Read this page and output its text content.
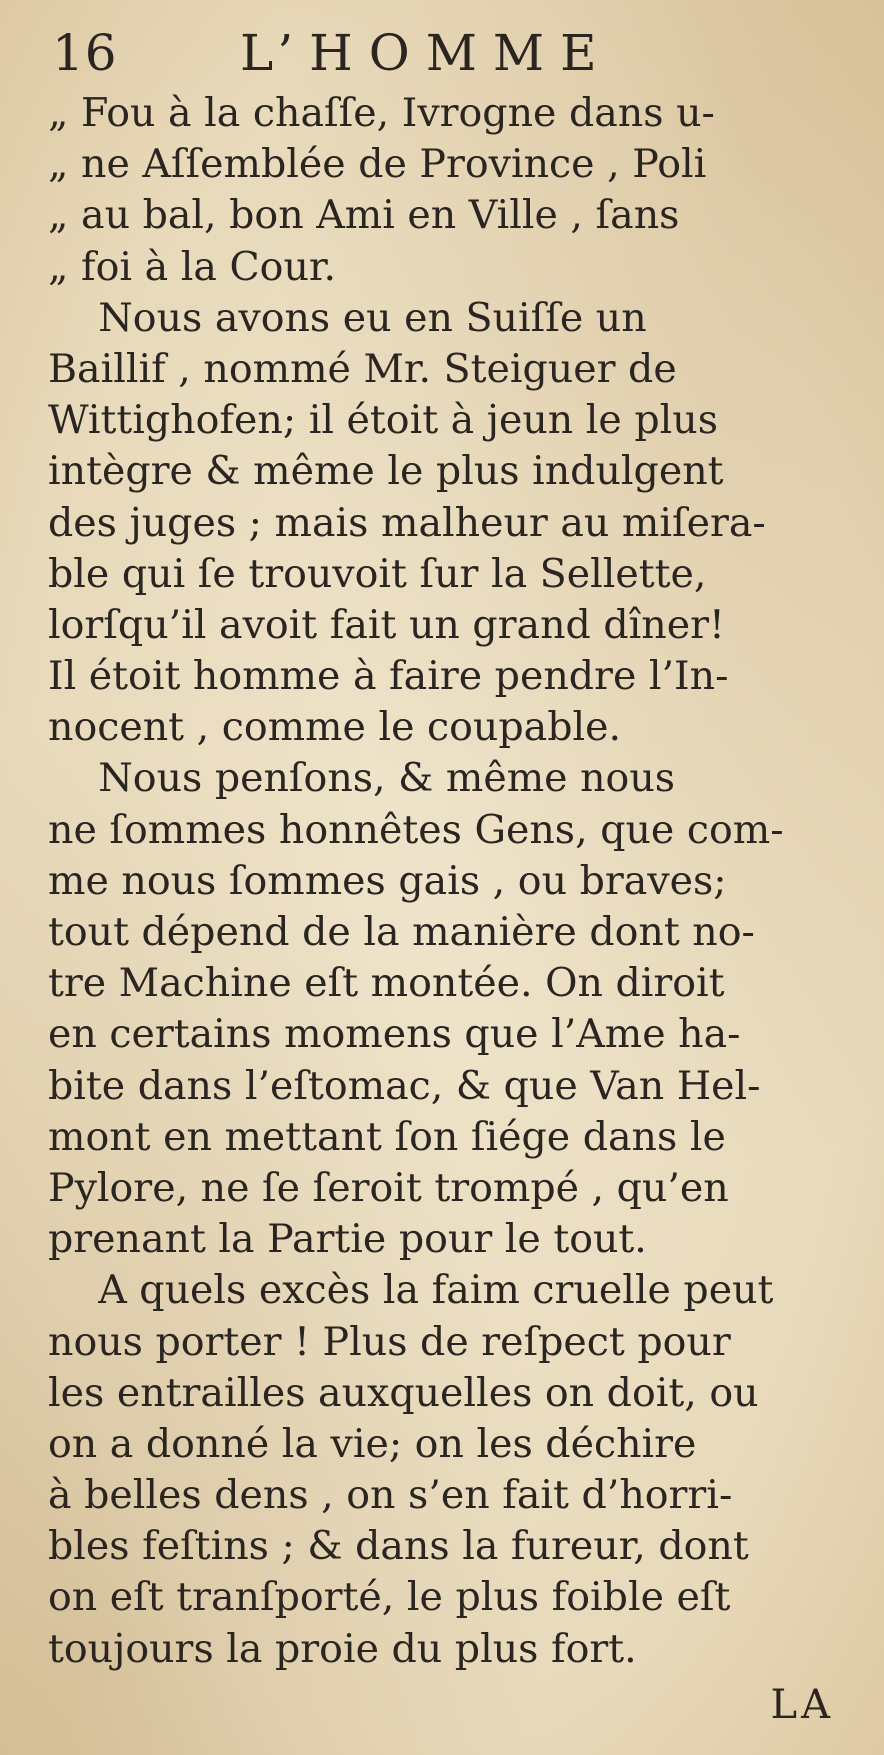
16 L’HOMME
„ Fou à la chaſſe, Ivrogne dans u-
„ ne Aſſemblée de Province , Poli
„ au bal, bon Ami en Ville , ſans
„ foi à la Cour.
Nous avons eu en Suiſſe un
Baillif , nommé Mr. Steiguer de
Wittighofen; il étoit à jeun le plus
intègre & même le plus indulgent
des juges ; mais malheur au miſera-
ble qui ſe trouvoit ſur la Sellette,
lorſqu’il avoit fait un grand dîner!
Il étoit homme à faire pendre l’In-
nocent , comme le coupable.
Nous penſons, & même nous
ne ſommes honnêtes Gens, que com-
me nous ſommes gais , ou braves;
tout dépend de la manière dont no-
tre Machine eſt montée. On diroit
en certains momens que l’Ame ha-
bite dans l’eſtomac, & que Van Hel-
mont en mettant ſon ſiége dans le
Pylore, ne ſe ſeroit trompé , qu’en
prenant la Partie pour le tout.
A quels excès la faim cruelle peut
nous porter ! Plus de reſpect pour
les entrailles auxquelles on doit, ou
on a donné la vie; on les déchire
à belles dens , on s’en fait d’horri-
bles feſtins ; & dans la fureur, dont
on eſt tranſporté, le plus foible eſt
toujours la proie du plus fort.
LA
